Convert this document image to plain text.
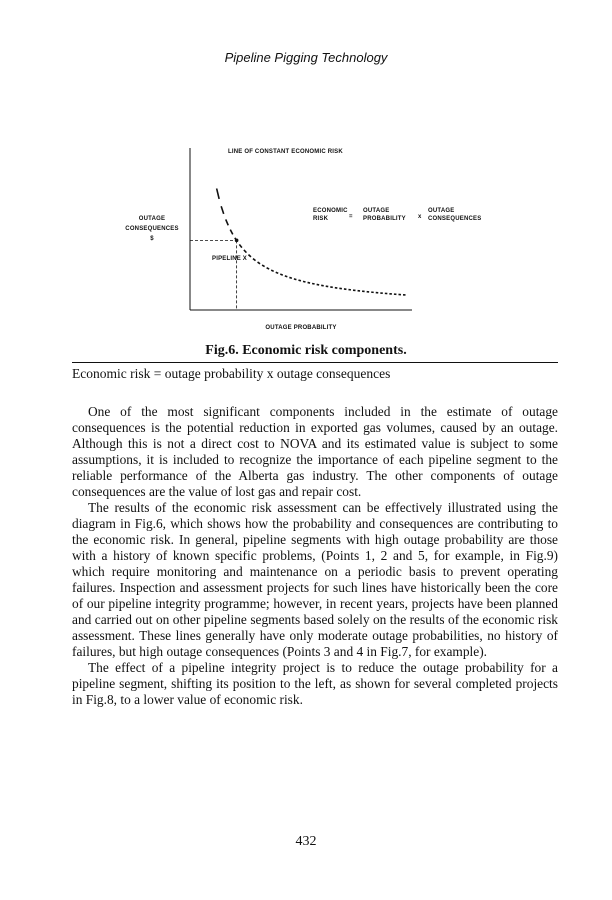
Pipeline Pigging Technology
LINE OF CONSTANT ECONOMIC RISK
OUTAGE
CONSEQUENCES
$
OUTAGE PROBABILITY
ECONOMIC
RISK	=
OUTAGE
PROBABILITY x
OUTAGE
CONSEQUENCES
PIPELINE X
Fig.6. Economic risk components.
Economic risk = outage probability x outage consequences

One of the most significant components included in the estimate of outage consequences is the potential reduction in exported gas volumes, caused by an outage. Although this is not a direct cost to NOVA and its estimated value is subject to some assumptions, it is included to recognize the importance of each pipeline segment to the reliable performance of the Alberta gas industry. The other components of outage consequences are the value of lost gas and repair cost.

The results of the economic risk assessment can be effectively illustrated using the diagram in Fig.6, which shows how the probability and consequences are contributing to the economic risk. In general, pipeline segments with high outage probability are those with a history of known specific problems, (Points 1, 2 and 5, for example, in Fig.9) which require monitoring and maintenance on a periodic basis to prevent operating failures. Inspection and assessment projects for such lines have historically been the core of our pipeline integrity programme; however, in recent years, projects have been planned and carried out on other pipeline segments based solely on the results of the economic risk assessment. These lines generally have only moderate outage probabilities, no history of failures, but high outage consequences (Points 3 and 4 in Fig.7, for example).

The effect of a pipeline integrity project is to reduce the outage probability for a pipeline segment, shifting its position to the left, as shown for several completed projects in Fig.8, to a lower value of economic risk.

432
